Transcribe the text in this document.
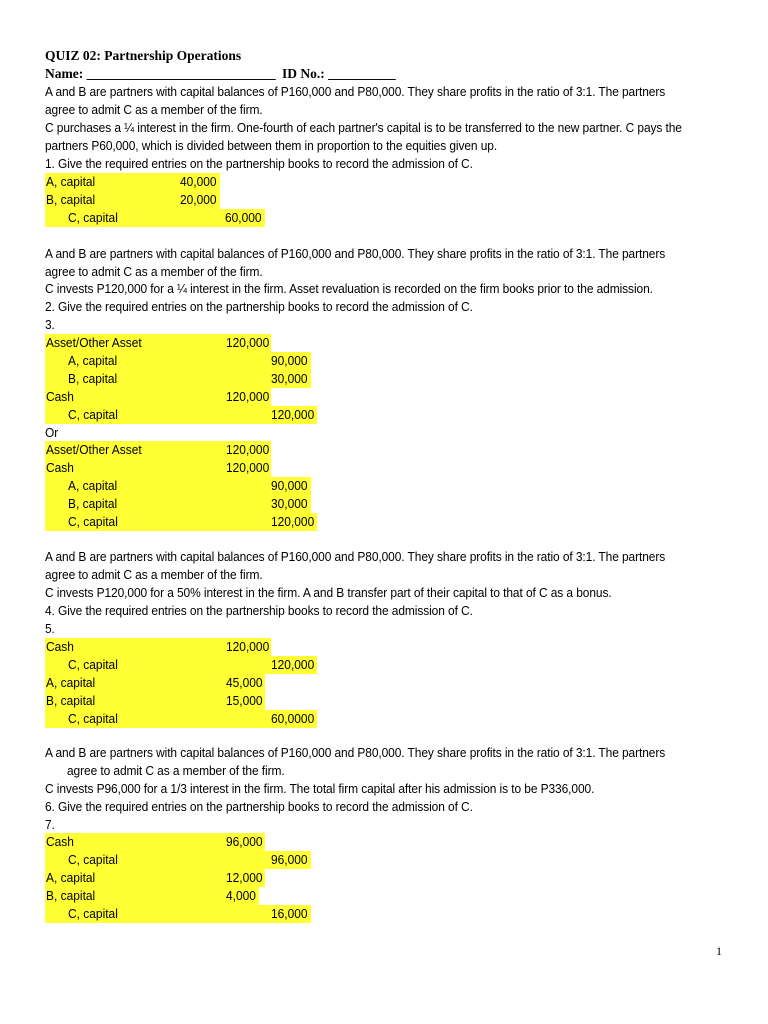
QUIZ 02: Partnership Operations
Name: ____________________________ ID No.: __________
A and B are partners with capital balances of P160,000 and P80,000. They share profits in the ratio of 3:1. The partners
agree to admit C as a member of the firm.
C purchases a ¼ interest in the firm. One-fourth of each partner's capital is to be transferred to the new partner. C pays the
partners P60,000, which is divided between them in proportion to the equities given up.
1. Give the required entries on the partnership books to record the admission of C.
A, capital	40,000
B, capital	20,000
C, capital	60,000
A and B are partners with capital balances of P160,000 and P80,000. They share profits in the ratio of 3:1. The partners
agree to admit C as a member of the firm.
C invests P120,000 for a ¼ interest in the firm. Asset revaluation is recorded on the firm books prior to the admission.
2. Give the required entries on the partnership books to record the admission of C.
3.
Asset/Other Asset	120,000
A, capital	90,000
B, capital	30,000
Cash	120,000
C, capital	120,000
Or
Asset/Other Asset	120,000
Cash	120,000
A, capital	90,000
B, capital	30,000
C, capital	120,000
A and B are partners with capital balances of P160,000 and P80,000. They share profits in the ratio of 3:1. The partners
agree to admit C as a member of the firm.
C invests P120,000 for a 50% interest in the firm. A and B transfer part of their capital to that of C as a bonus.
4. Give the required entries on the partnership books to record the admission of C.
5.
Cash	120,000
C, capital	120,000
A, capital	45,000
B, capital	15,000
C, capital	60,0000
A and B are partners with capital balances of P160,000 and P80,000. They share profits in the ratio of 3:1. The partners
agree to admit C as a member of the firm.
C invests P96,000 for a 1/3 interest in the firm. The total firm capital after his admission is to be P336,000.
6. Give the required entries on the partnership books to record the admission of C.
7.
Cash	96,000
C, capital	96,000
A, capital	12,000
B, capital	4,000
C, capital	16,000
1
